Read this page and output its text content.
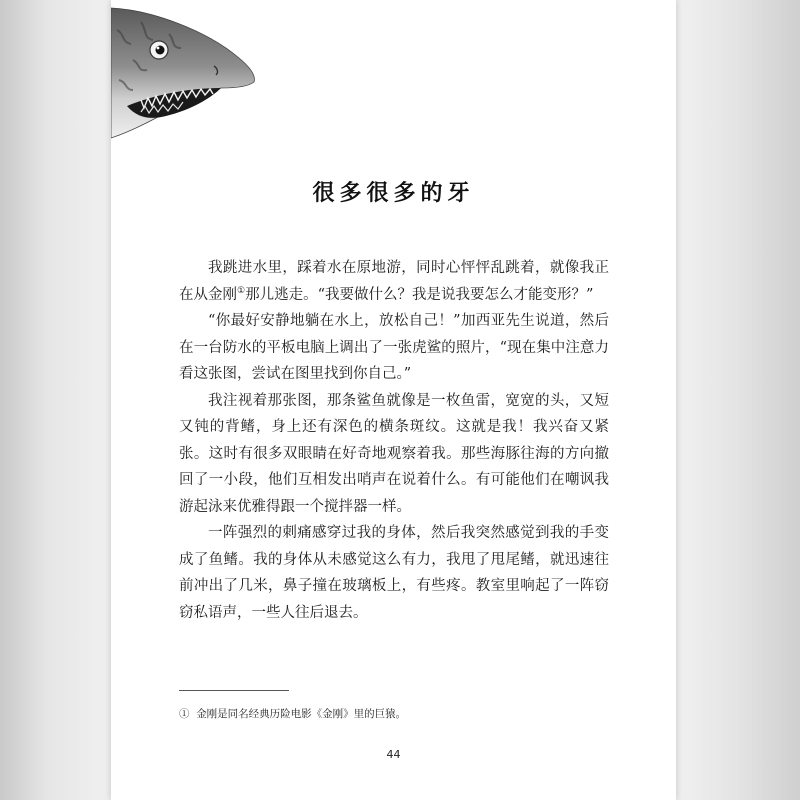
很多很多的牙

我跳进水里，踩着水在原地游，同时心怦怦乱跳着，就像我正在从金刚①那儿逃走。“我要做什么？我是说我要怎么才能变形？”

“你最好安静地躺在水上，放松自己！”加西亚先生说道，然后在一台防水的平板电脑上调出了一张虎鲨的照片，“现在集中注意力看这张图，尝试在图里找到你自己。”

我注视着那张图，那条鲨鱼就像是一枚鱼雷，宽宽的头，又短又钝的背鳍，身上还有深色的横条斑纹。这就是我！我兴奋又紧张。这时有很多双眼睛在好奇地观察着我。那些海豚往海的方向撤回了一小段，他们互相发出哨声在说着什么。有可能他们在嘲讽我游起泳来优雅得跟一个搅拌器一样。

一阵强烈的刺痛感穿过我的身体，然后我突然感觉到我的手变成了鱼鳍。我的身体从未感觉这么有力，我甩了甩尾鳍，就迅速往前冲出了几米，鼻子撞在玻璃板上，有些疼。教室里响起了一阵窃窃私语声，一些人往后退去。

① 金刚是同名经典历险电影《金刚》里的巨猿。
44
